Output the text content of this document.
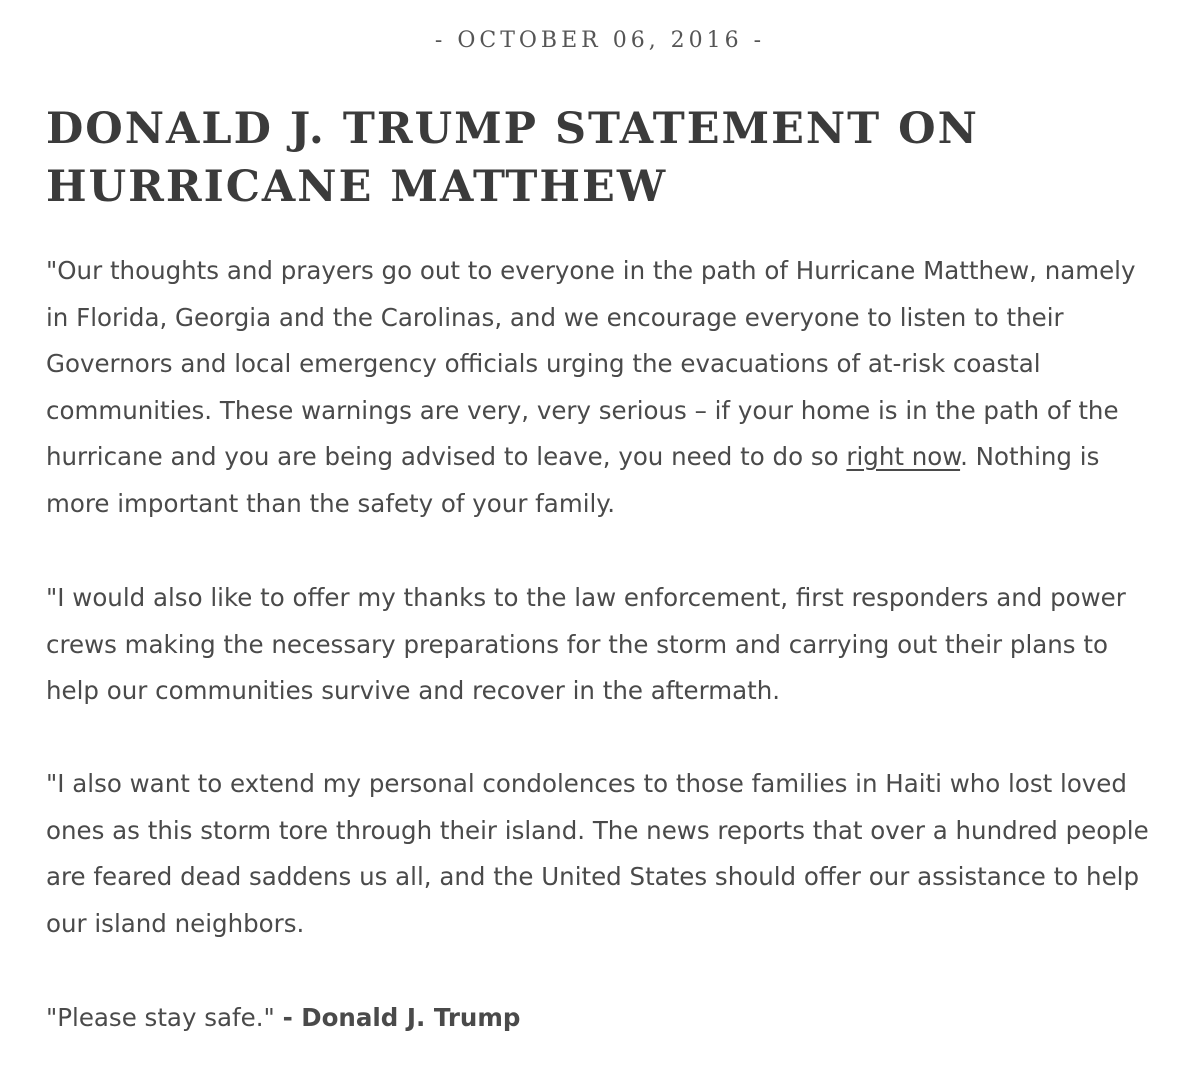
- OCTOBER 06, 2016 -
DONALD J. TRUMP STATEMENT ON HURRICANE MATTHEW

"Our thoughts and prayers go out to everyone in the path of Hurricane Matthew, namely in Florida, Georgia and the Carolinas, and we encourage everyone to listen to their Governors and local emergency officials urging the evacuations of at-risk coastal communities. These warnings are very, very serious – if your home is in the path of the hurricane and you are being advised to leave, you need to do so right now. Nothing is more important than the safety of your family.

"I would also like to offer my thanks to the law enforcement, first responders and power crews making the necessary preparations for the storm and carrying out their plans to help our communities survive and recover in the aftermath.

"I also want to extend my personal condolences to those families in Haiti who lost loved ones as this storm tore through their island. The news reports that over a hundred people are feared dead saddens us all, and the United States should offer our assistance to help our island neighbors.

"Please stay safe." - Donald J. Trump
